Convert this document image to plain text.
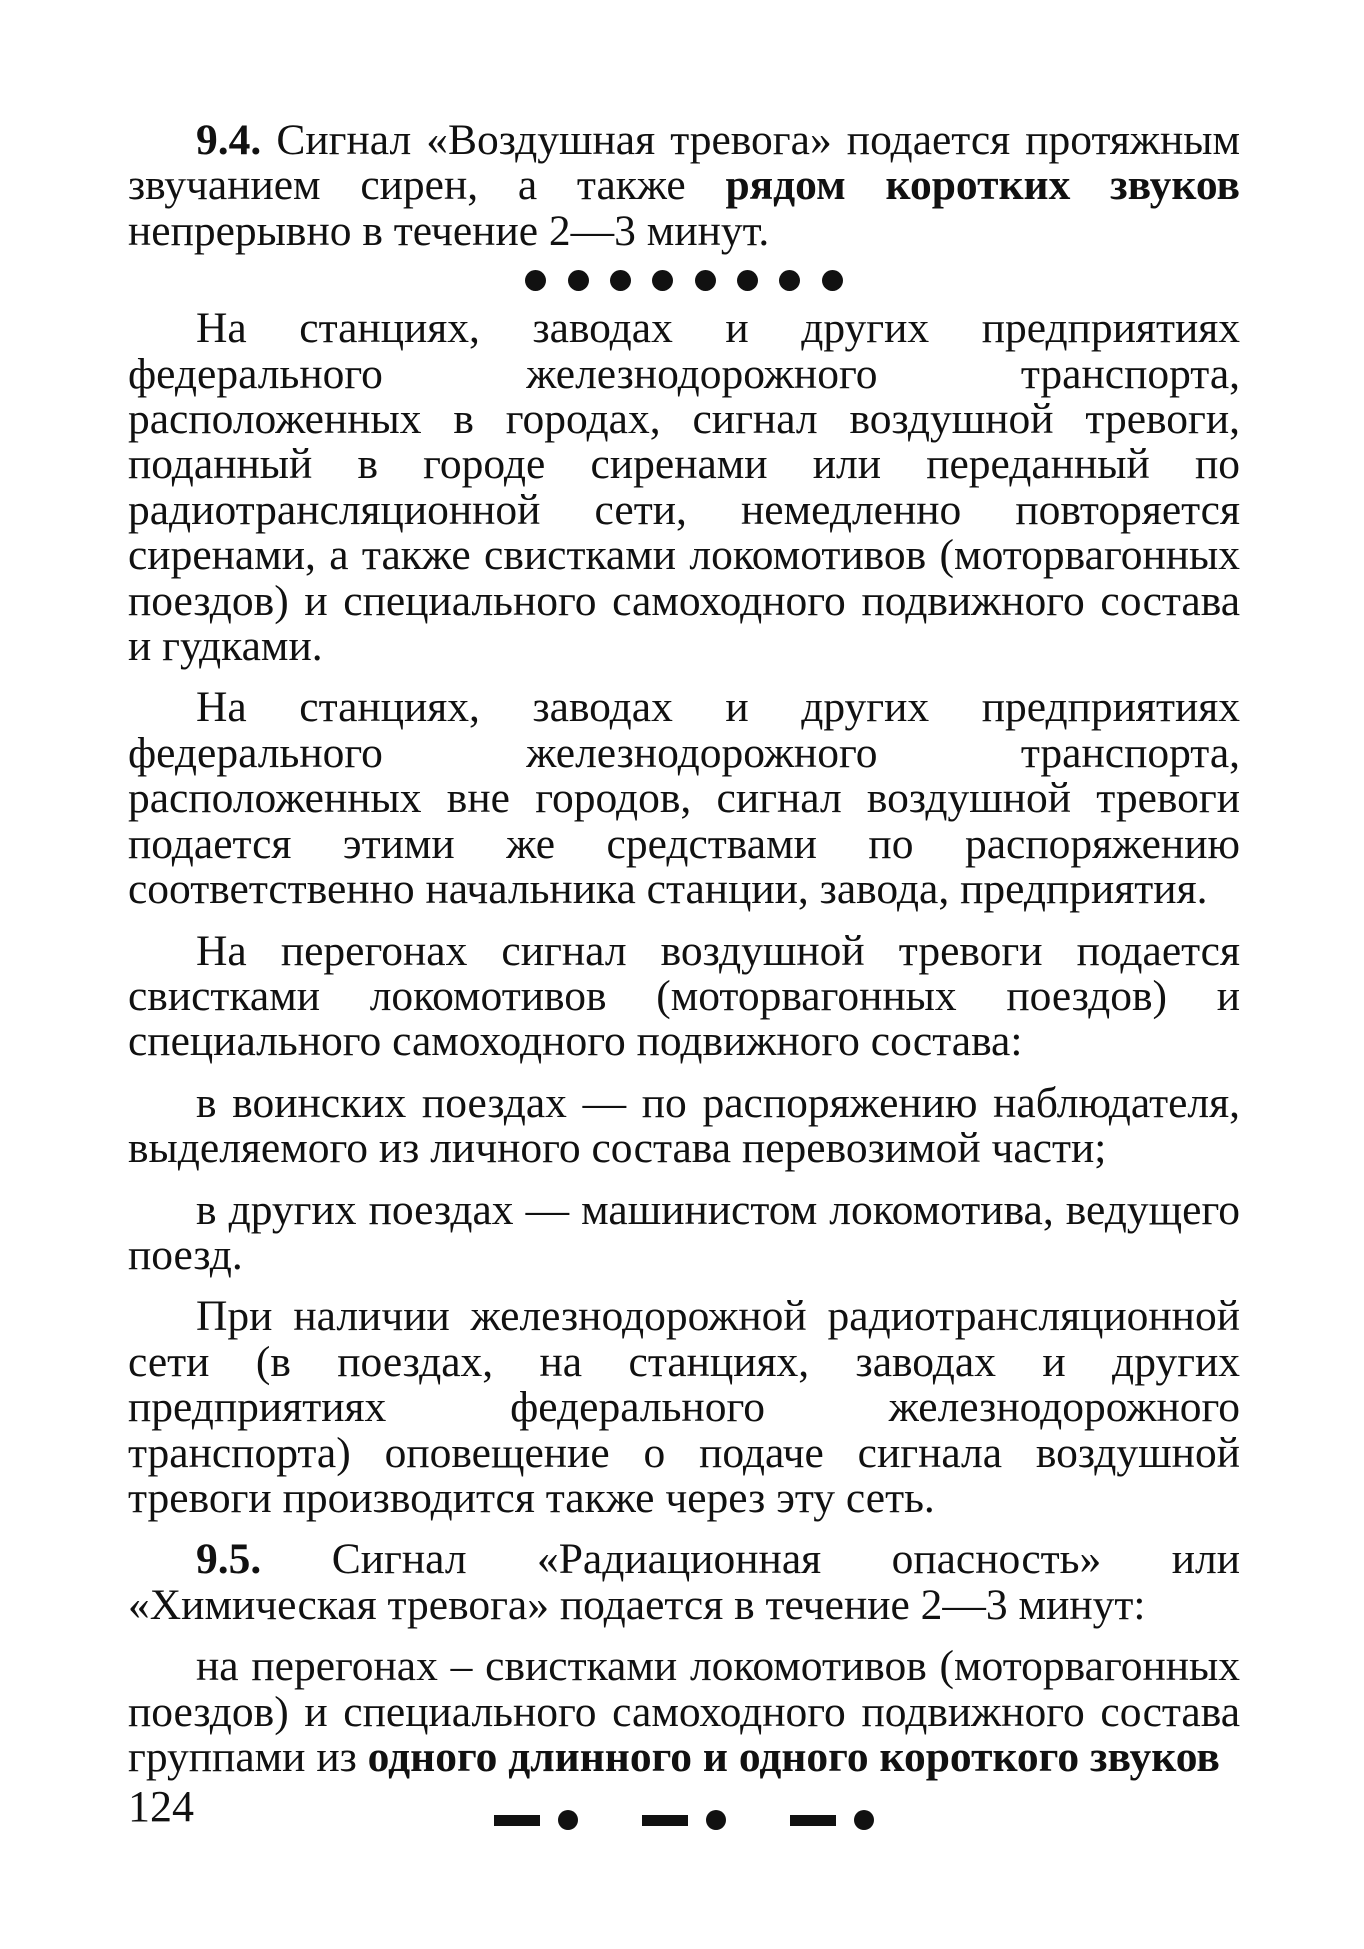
9.4. Сигнал «Воздушная тревога» подается протяжным звучанием сирен, а также рядом коротких звуков непрерывно в течение 2—3 минут.

На станциях, заводах и других предприятиях федерального железнодорожного транспорта, расположенных в городах, сигнал воздушной тревоги, поданный в городе сиренами или переданный по радиотрансляционной сети, немедленно повторяется сиренами, а также свистками локомотивов (моторвагонных поездов) и специального самоходного подвижного состава и гудками.

На станциях, заводах и других предприятиях федерального железнодорожного транспорта, расположенных вне городов, сигнал воздушной тревоги подается этими же средствами по распоряжению соответственно начальника станции, завода, предприятия.

На перегонах сигнал воздушной тревоги подается свистками локомотивов (моторвагонных поездов) и специального самоходного подвижного состава:

в воинских поездах — по распоряжению наблюдателя, выделяемого из личного состава перевозимой части;

в других поездах — машинистом локомотива, ведущего поезд.

При наличии железнодорожной радиотрансляционной сети (в поездах, на станциях, заводах и других предприятиях федерального железнодорожного транспорта) оповещение о подаче сигнала воздушной тревоги производится также через эту сеть.

9.5. Сигнал «Радиационная опасность» или «Химическая тревога» подается в течение 2—3 минут:

на перегонах – свистками локомотивов (моторвагонных поездов) и специального самоходного подвижного состава группами из одного длинного и одного короткого звуков

124
